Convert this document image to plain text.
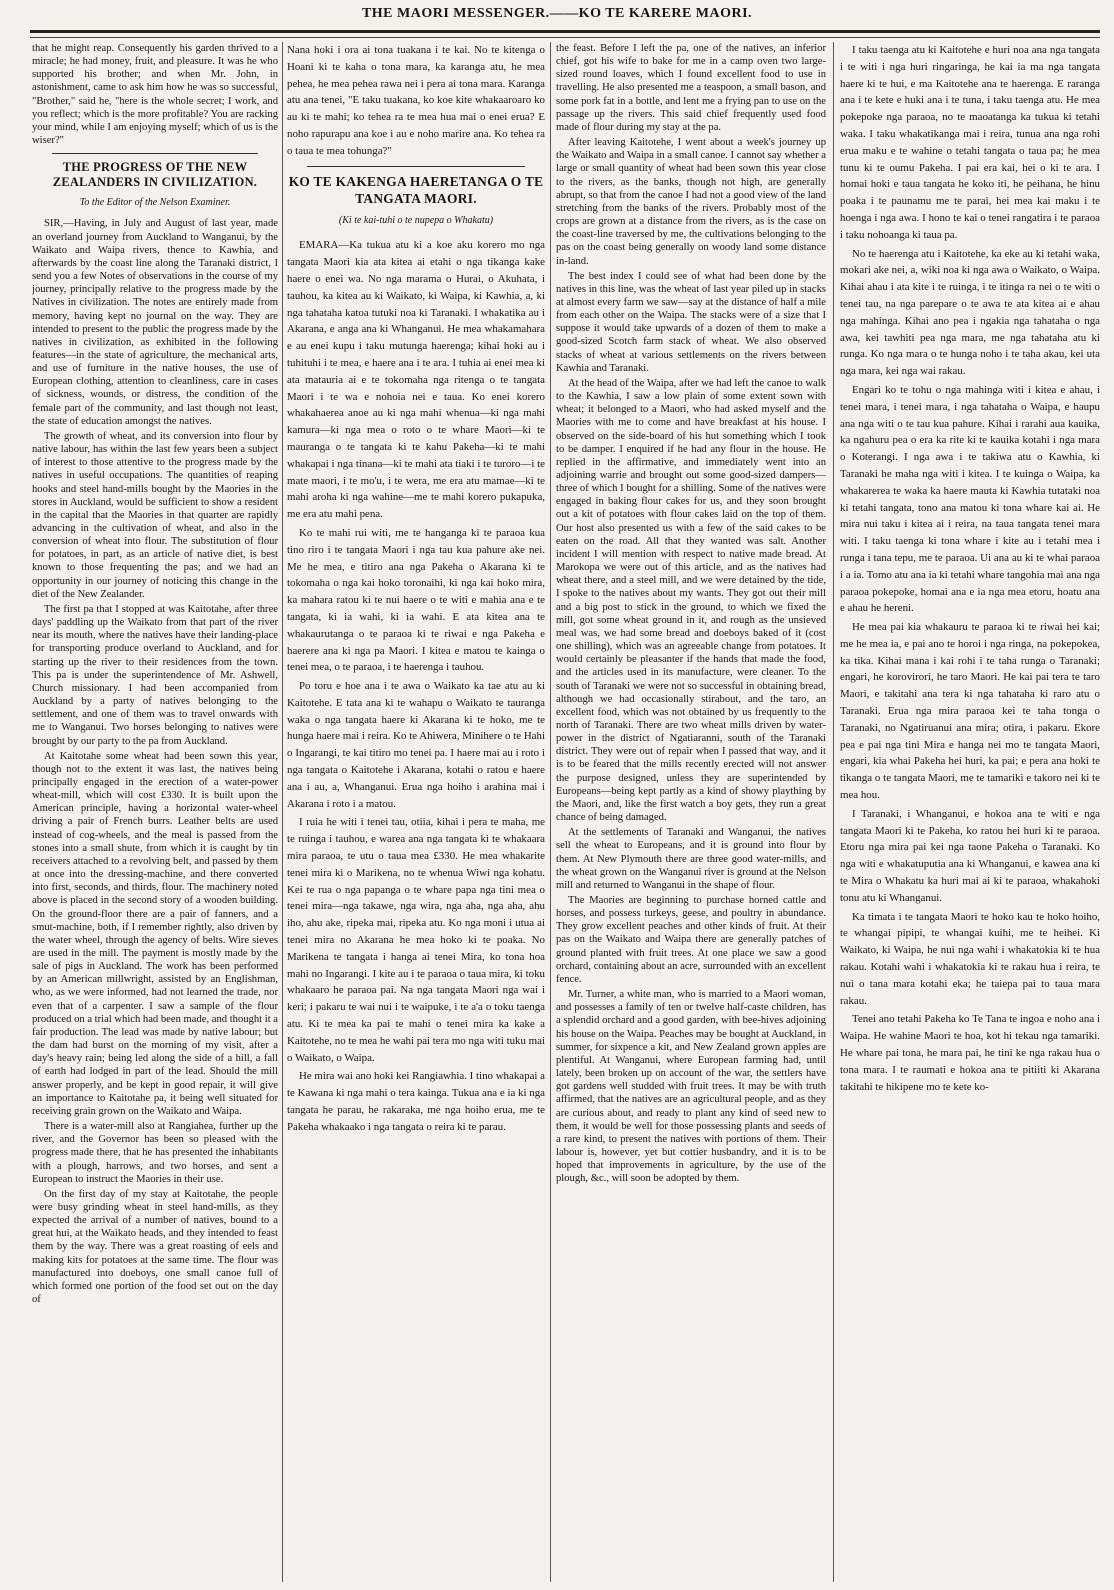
THE MAORI MESSENGER.——KO TE KARERE MAORI.

that he might reap. Consequently his garden thrived to a miracle; he had money, fruit, and pleasure. It was he who supported his brother; and when Mr. John, in astonishment, came to ask him how he was so successful, "Brother," said he, "here is the whole secret; I work, and you reflect; which is the more profitable? You are racking your mind, while I am enjoying myself; which of us is the wiser?"

THE PROGRESS OF THE NEW ZEALANDERS IN CIVILIZATION.

To the Editor of the Nelson Examiner.

SIR,—Having, in July and August of last year, made an overland journey from Auckland to Wanganui, by the Waikato and Waipa rivers, thence to Kawhia, and afterwards by the coast line along the Taranaki district, I send you a few Notes of observations in the course of my journey, principally relative to the progress made by the Natives in civilization. The notes are entirely made from memory, having kept no journal on the way. They are intended to present to the public the progress made by the natives in civilization, as exhibited in the following features—in the state of agriculture, the mechanical arts, and use of furniture in the native houses, the use of European clothing, attention to cleanliness, care in cases of sickness, wounds, or distress, the condition of the female part of the community, and last though not least, the state of education amongst the natives.

The growth of wheat, and its conversion into flour by native labour, has within the last few years been a subject of interest to those attentive to the progress made by the natives in useful occupations. The quantities of reaping hooks and steel hand-mills bought by the Maories in the stores in Auckland, would be sufficient to show a resident in the capital that the Maories in that quarter are rapidly advancing in the cultivation of wheat, and also in the conversion of wheat into flour. The substitution of flour for potatoes, in part, as an article of native diet, is best known to those frequenting the pas; and we had an opportunity in our journey of noticing this change in the diet of the New Zealander.

The first pa that I stopped at was Kaitotahe, after three days' paddling up the Waikato from that part of the river near its mouth, where the natives have their landing-place for transporting produce overland to Auckland, and for starting up the river to their residences from the town. This pa is under the superintendence of Mr. Ashwell, Church missionary. I had been accompanied from Auckland by a party of natives belonging to the settlement, and one of them was to travel onwards with me to Wanganui. Two horses belonging to natives were brought by our party to the pa from Auckland.

At Kaitotahe some wheat had been sown this year, though not to the extent it was last, the natives being principally engaged in the erection of a water-power wheat-mill, which will cost £330. It is built upon the American principle, having a horizontal water-wheel driving a pair of French burrs. Leather belts are used instead of cog-wheels, and the meal is passed from the stones into a small shute, from which it is caught by tin receivers attached to a revolving belt, and passed by them at once into the dressing-machine, and there converted into first, seconds, and thirds, flour. The machinery noted above is placed in the second story of a wooden building. On the ground-floor there are a pair of fanners, and a smut-machine, both, if I remember rightly, also driven by the water wheel, through the agency of belts. Wire sieves are used in the mill. The payment is mostly made by the sale of pigs in Auckland. The work has been performed by an American millwright, assisted by an Englishman, who, as we were informed, had not learned the trade, nor even that of a carpenter. I saw a sample of the flour produced on a trial which had been made, and thought it a fair production. The lead was made by native labour; but the dam had burst on the morning of my visit, after a day's heavy rain; being led along the side of a hill, a fall of earth had lodged in part of the lead. Should the mill answer properly, and be kept in good repair, it will give an importance to Kaitotahe pa, it being well situated for receiving grain grown on the Waikato and Waipa.

There is a water-mill also at Rangiahea, further up the river, and the Governor has been so pleased with the progress made there, that he has presented the inhabitants with a plough, harrows, and two horses, and sent a European to instruct the Maories in their use.

On the first day of my stay at Kaitotahe, the people were busy grinding wheat in steel hand-mills, as they expected the arrival of a number of natives, bound to a great hui, at the Waikato heads, and they intended to feast them by the way. There was a great roasting of eels and making kits for potatoes at the same time. The flour was manufactured into doeboys, one small canoe full of which formed one portion of the food set out on the day of

Nana hoki i ora ai tona tuakana i te kai. No te kitenga o Hoani ki te kaha o tona mara, ka karanga atu, he mea pehea, he mea pehea rawa nei i pera ai tona mara. Karanga atu ana tenei, "E taku tuakana, ko koe kite whakaaroaro ko au ki te mahi; ko tehea ra te mea hua mai o enei erua? E noho rapurapu ana koe i au e noho marire ana. Ko tehea ra o taua te mea tohunga?"

KO TE KAKENGA HAERETANGA O TE TANGATA MAORI.

(Ki te kai-tuhi o te nupepa o Whakatu)

EMARA—Ka tukua atu ki a koe aku korero mo nga tangata Maori kia ata kitea ai etahi o nga tikanga kake haere o enei wa. No nga marama o Hurai, o Akuhata, i tauhou, ka kitea au ki Waikato, ki Waipa, ki Kawhia, a, ki nga tahataha katoa tutuki noa ki Taranaki. I whakatika au i Akarana, e anga ana ki Whanganui. He mea whakamahara e au enei kupu i taku mutunga haerenga; kihai hoki au i tuhituhi i te mea, e haere ana i te ara. I tuhia ai enei mea ki ata matauria ai e te tokomaha nga ritenga o te tangata Maori i te wa e nohoia nei e taua. Ko enei korero whakahaerea anoe au ki nga mahi whenua—ki nga mahi kamura—ki nga mea o roto o te whare Maori—ki te mauranga o te tangata ki te kahu Pakeha—ki te mahi whakapai i nga tinana—ki te mahi ata tiaki i te turoro—i te mate maori, i te mo'u, i te wera, me era atu mamae—ki te mahi aroha ki nga wahine—me te mahi korero pukapuka, me era atu mahi pena.

Ko te mahi rui witi, me te hanganga ki te paraoa kua tino riro i te tangata Maori i nga tau kua pahure ake nei. Me he mea, e titiro ana nga Pakeha o Akarana ki te tokomaha o nga kai hoko toronaihi, ki nga kai hoko mira, ka mahara ratou ki te nui haere o te witi e mahia ana e te tangata, ki ia wahi, ki ia wahi. E ata kitea ana te whakaurutanga o te paraoa ki te riwai e nga Pakeha e haerere ana ki nga pa Maori. I kitea e matou te kainga o tenei mea, o te paraoa, i te haerenga i tauhou.

Po toru e hoe ana i te awa o Waikato ka tae atu au ki Kaitotehe. E tata ana ki te wahapu o Waikato te tauranga waka o nga tangata haere ki Akarana ki te hoko, me te hunga haere mai i reira. Ko te Ahiwera, Minihere o te Hahi o Ingarangi, te kai titiro mo tenei pa. I haere mai au i roto i nga tangata o Kaitotehe i Akarana, kotahi o ratou e haere ana i au, a, Whanganui. Erua nga hoiho i arahina mai i Akarana i roto i a matou.

I ruia he witi i tenei tau, otiia, kihai i pera te maha, me te ruinga i tauhou, e warea ana nga tangata ki te whakaara mira paraoa, te utu o taua mea £330. He mea whakarite tenei mira ki o Marikena, no te whenua Wiwi nga kohatu. Kei te rua o nga papanga o te whare papa nga tini mea o tenei mira—nga takawe, nga wira, nga aha, nga aha, ahu iho, ahu ake, ripeka mai, ripeka atu. Ko nga moni i utua ai tenei mira no Akarana he mea hoko ki te poaka. No Marikena te tangata i hanga ai tenei Mira, ko tona hoa mahi no Ingarangi. I kite au i te paraoa o taua mira, ki toku whakaaro he paraoa pai. Na nga tangata Maori nga wai i keri; i pakaru te wai nui i te waipuke, i te a'a o toku taenga atu. Ki te mea ka pai te mahi o tenei mira ka kake a Kaitotehe, no te mea he wahi pai tera mo nga witi tuku mai o Waikato, o Waipa.

He mira wai ano hoki kei Rangiawhia. I tino whakapai a te Kawana ki nga mahi o tera kainga. Tukua ana e ia ki nga tangata he parau, he rakaraka, me nga hoiho erua, me te Pakeha whakaako i nga tangata o reira ki te parau.

the feast. Before I left the pa, one of the natives, an inferior chief, got his wife to bake for me in a camp oven two large-sized round loaves, which I found excellent food to use in travelling. He also presented me a teaspoon, a small bason, and some pork fat in a bottle, and lent me a frying pan to use on the passage up the rivers. This said chief frequently used food made of flour during my stay at the pa.

After leaving Kaitotehe, I went about a week's journey up the Waikato and Waipa in a small canoe. I cannot say whether a large or small quantity of wheat had been sown this year close to the rivers, as the banks, though not high, are generally abrupt, so that from the canoe I had not a good view of the land stretching from the banks of the rivers. Probably most of the crops are grown at a distance from the rivers, as is the case on the coast-line traversed by me, the cultivations belonging to the pas on the coast being generally on woody land some distance in-land.

The best index I could see of what had been done by the natives in this line, was the wheat of last year piled up in stacks at almost every farm we saw—say at the distance of half a mile from each other on the Waipa. The stacks were of a size that I suppose it would take upwards of a dozen of them to make a good-sized Scotch farm stack of wheat. We also observed stacks of wheat at various settlements on the rivers between Kawhia and Taranaki.

At the head of the Waipa, after we had left the canoe to walk to the Kawhia, I saw a low plain of some extent sown with wheat; it belonged to a Maori, who had asked myself and the Maories with me to come and have breakfast at his house. I observed on the side-board of his hut something which I took to be damper. I enquired if he had any flour in the house. He replied in the affirmative, and immediately went into an adjoining warrie and brought out some good-sized dampers—three of which I bought for a shilling. Some of the natives were engaged in baking flour cakes for us, and they soon brought out a kit of potatoes with flour cakes laid on the top of them. Our host also presented us with a few of the said cakes to be eaten on the road. All that they wanted was salt. Another incident I will mention with respect to native made bread. At Marokopa we were out of this article, and as the natives had wheat there, and a steel mill, and we were detained by the tide, I spoke to the natives about my wants. They got out their mill and a big post to stick in the ground, to which we fixed the mill, got some wheat ground in it, and rough as the unsieved meal was, we had some bread and doeboys baked of it (cost one shilling), which was an agreeable change from potatoes. It would certainly be pleasanter if the hands that made the food, and the articles used in its manufacture, were cleaner. To the south of Taranaki we were not so successful in obtaining bread, although we had occasionally stirabout, and the taro, an excellent food, which was not obtained by us frequently to the north of Taranaki. There are two wheat mills driven by water-power in the district of Ngatiaranni, south of the Taranaki district. They were out of repair when I passed that way, and it is to be feared that the mills recently erected will not answer the purpose designed, unless they are superintended by Europeans—being kept partly as a kind of showy plaything by the Maori, and, like the first watch a boy gets, they run a great chance of being damaged.

At the settlements of Taranaki and Wanganui, the natives sell the wheat to Europeans, and it is ground into flour by them. At New Plymouth there are three good water-mills, and the wheat grown on the Wanganui river is ground at the Nelson mill and returned to Wanganui in the shape of flour.

The Maories are beginning to purchase horned cattle and horses, and possess turkeys, geese, and poultry in abundance. They grow excellent peaches and other kinds of fruit. At their pas on the Waikato and Waipa there are generally patches of ground planted with fruit trees. At one place we saw a good orchard, containing about an acre, surrounded with an excellent fence.

Mr. Turner, a white man, who is married to a Maori woman, and possesses a family of ten or twelve half-caste children, has a splendid orchard and a good garden, with bee-hives adjoining his house on the Waipa. Peaches may be bought at Auckland, in summer, for sixpence a kit, and New Zealand grown apples are plentiful. At Wanganui, where European farming had, until lately, been broken up on account of the war, the settlers have got gardens well studded with fruit trees. It may be with truth affirmed, that the natives are an agricultural people, and as they are curious about, and ready to plant any kind of seed new to them, it would be well for those possessing plants and seeds of a rare kind, to present the natives with portions of them. Their labour is, however, yet but cottier husbandry, and it is to be hoped that improvements in agriculture, by the use of the plough, &c., will soon be adopted by them.

I taku taenga atu ki Kaitotehe e huri noa ana nga tangata i te witi i nga huri ringaringa, he kai ia ma nga tangata haere ki te hui, e ma Kaitotehe ana te haerenga. E raranga ana i te kete e huki ana i te tuna, i taku taenga atu. He mea pokepoke nga paraoa, no te maoatanga ka tukua ki tetahi waka. I taku whakatikanga mai i reira, tunua ana nga rohi erua maku e te wahine o tetahi tangata o taua pa; he mea tunu ki te oumu Pakeha. I pai era kai, hei o ki te ara. I homai hoki e taua tangata he koko iti, he peihana, he hinu poaka i te paunamu me te parai, hei mea kai maku i te hoenga i nga awa. I hono te kai o tenei rangatira i te paraoa i taku nohoanga ki taua pa.

No te haerenga atu i Kaitotehe, ka eke au ki tetahi waka, mokari ake nei, a, wiki noa ki nga awa o Waikato, o Waipa. Kihai ahau i ata kite i te ruinga, i te itinga ra nei o te witi o tenei tau, na nga parepare o te awa te ata kitea ai e ahau nga mahinga. Kihai ano pea i ngakia nga tahataha o nga awa, kei tawhiti pea nga mara, me nga tahataha atu ki runga. Ko nga mara o te hunga noho i te taha akau, kei uta nga mara, kei nga wai rakau.

Engari ko te tohu o nga mahinga witi i kitea e ahau, i tenei mara, i tenei mara, i nga tahataha o Waipa, e haupu ana nga witi o te tau kua pahure. Kihai i rarahi aua kauika, ka ngahuru pea o era ka rite ki te kauika kotahi i nga mara o Koterangi. I nga awa i te takiwa atu o Kawhia, ki Taranaki he maha nga witi i kitea. I te kuinga o Waipa, ka whakarerea te waka ka haere mauta ki Kawhia tutataki noa ki tetahi tangata, tono ana matou ki tona whare kai ai. He mira nui taku i kitea ai i reira, na taua tangata tenei mara witi. I taku taenga ki tona whare i kite au i tetahi mea i runga i tana tepu, me te paraoa. Ui ana au ki te whai paraoa i a ia. Tomo atu ana ia ki tetahi whare tangohia mai ana nga paraoa pokepoke, homai ana e ia nga mea etoru, hoatu ana e ahau he hereni.

He mea pai kia whakauru te paraoa ki te riwai hei kai; me he mea ia, e pai ano te horoi i nga ringa, na pokepokea, ka tika. Kihai mana i kai rohi i te taha runga o Taranaki; engari, he korovirori, he taro Maori. He kai pai tera te taro Maori, e takitahi ana tera ki nga tahataha ki raro atu o Taranaki. Erua nga mira paraoa kei te taha tonga o Taranaki, no Ngatiruanui ana mira; otira, i pakaru. Ekore pea e pai nga tini Mira e hanga nei mo te tangata Maori, engari, kia whai Pakeha hei huri, ka pai; e pera ana hoki te tikanga o te tangata Maori, me te tamariki e takoro nei ki te mea hou.

I Taranaki, i Whanganui, e hokoa ana te witi e nga tangata Maori ki te Pakeha, ko ratou hei huri ki te paraoa. Etoru nga mira pai kei nga taone Pakeha o Taranaki. Ko nga witi e whakatuputia ana ki Whanganui, e kawea ana ki te Mira o Whakatu ka huri mai ai ki te paraoa, whakahoki tonu atu ki Whanganui.

Ka timata i te tangata Maori te hoko kau te hoko hoiho, te whangai pipipi, te whangai kuihi, me te heihei. Ki Waikato, ki Waipa, he nui nga wahi i whakatokia ki te hua rakau. Kotahi wahi i whakatokia ki te rakau hua i reira, te nui o tana mara kotahi eka; he taiepa pai to taua mara rakau.

Tenei ano tetahi Pakeha ko Te Tana te ingoa e noho ana i Waipa. He wahine Maori te hoa, kot hi tekau nga tamariki. He whare pai tona, he mara pai, he tini ke nga rakau hua o tona mara. I te raumati e hokoa ana te pitiiti ki Akarana takitahi te hikipene mo te kete ko-
